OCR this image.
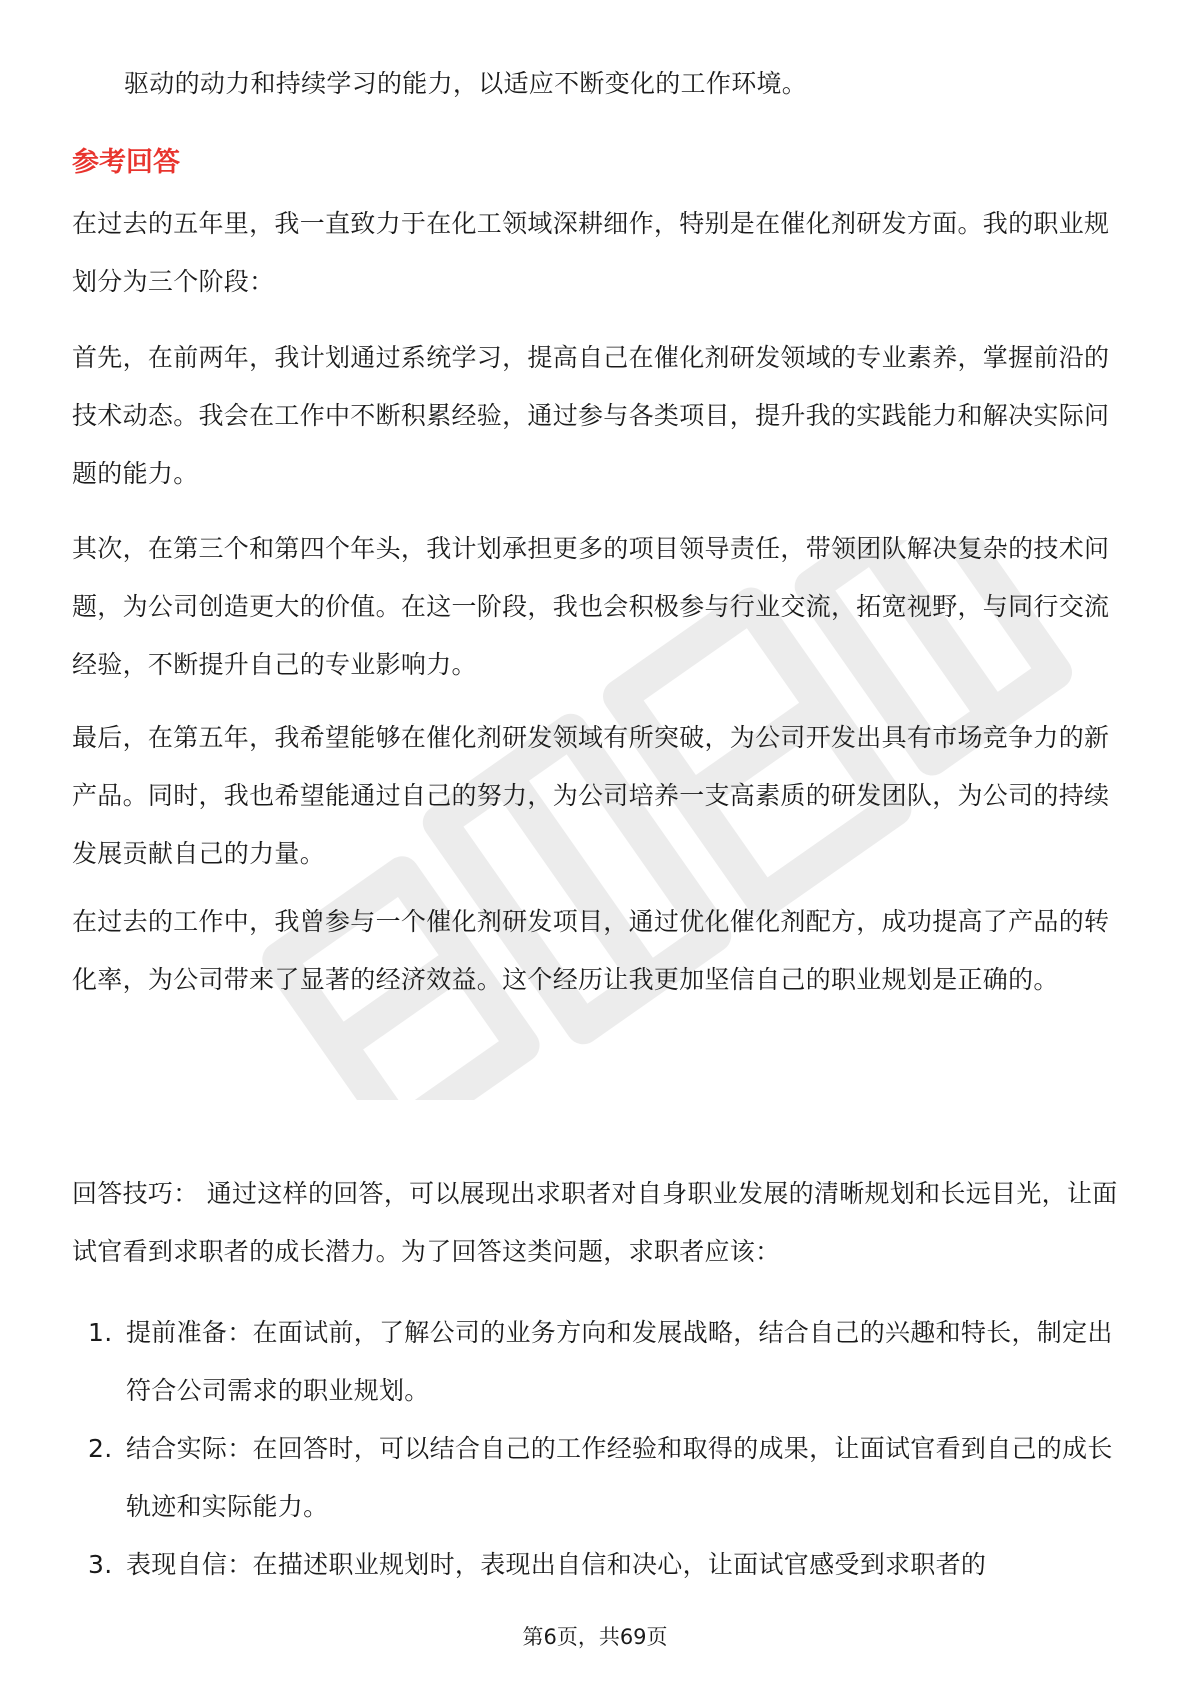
驱动的动力和持续学习的能力，以适应不断变化的工作环境。

参考回答

在过去的五年里，我一直致力于在化工领域深耕细作，特别是在催化剂研发方面。我的职业规划分为三个阶段：

首先，在前两年，我计划通过系统学习，提高自己在催化剂研发领域的专业素养，掌握前沿的技术动态。我会在工作中不断积累经验，通过参与各类项目，提升我的实践能力和解决实际问题的能力。

其次，在第三个和第四个年头，我计划承担更多的项目领导责任，带领团队解决复杂的技术问题，为公司创造更大的价值。在这一阶段，我也会积极参与行业交流，拓宽视野，与同行交流经验，不断提升自己的专业影响力。

最后，在第五年，我希望能够在催化剂研发领域有所突破，为公司开发出具有市场竞争力的新产品。同时，我也希望能通过自己的努力，为公司培养一支高素质的研发团队，为公司的持续发展贡献自己的力量。

在过去的工作中，我曾参与一个催化剂研发项目，通过优化催化剂配方，成功提高了产品的转化率，为公司带来了显著的经济效益。这个经历让我更加坚信自己的职业规划是正确的。

回答技巧： 通过这样的回答，可以展现出求职者对自身职业发展的清晰规划和长远目光，让面试官看到求职者的成长潜力。为了回答这类问题，求职者应该：

1. 提前准备：在面试前，了解公司的业务方向和发展战略，结合自己的兴趣和特长，制定出符合公司需求的职业规划。
2. 结合实际：在回答时，可以结合自己的工作经验和取得的成果，让面试官看到自己的成长轨迹和实际能力。
3. 表现自信：在描述职业规划时，表现出自信和决心，让面试官感受到求职者的
第6页，共69页
